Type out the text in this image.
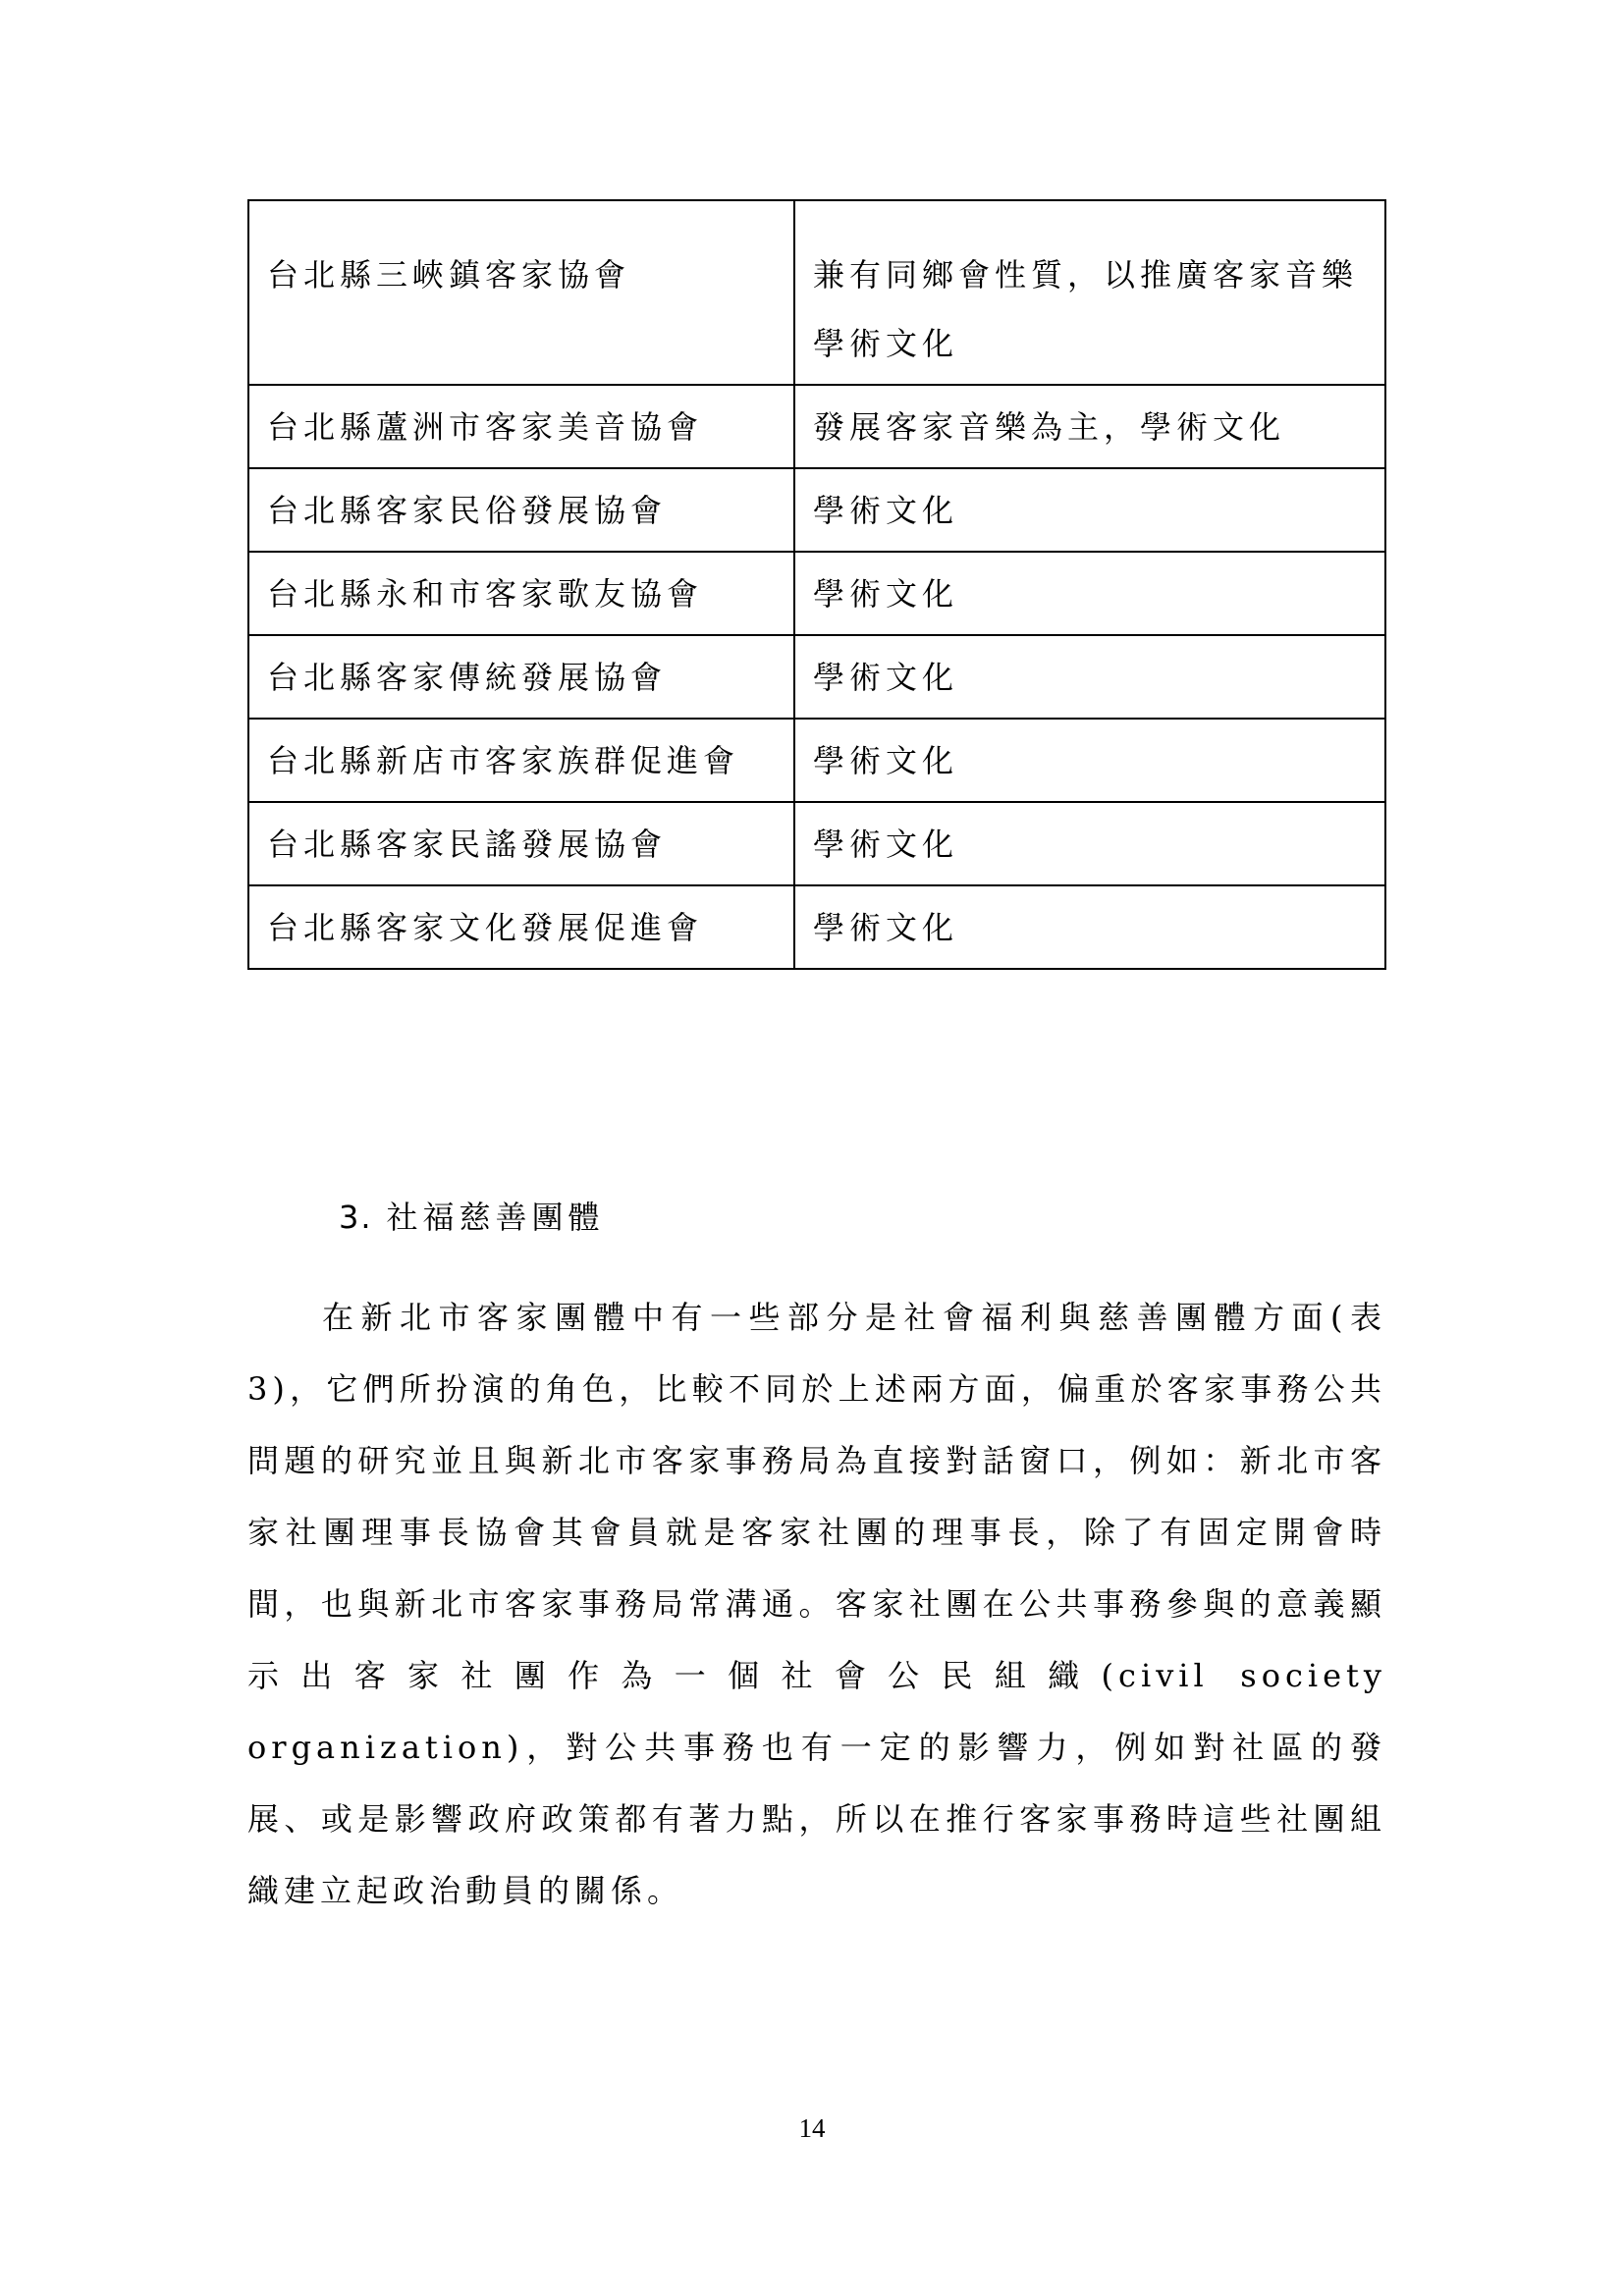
台北縣三峽鎮客家協會	兼有同鄉會性質，以推廣客家音樂學術文化
台北縣蘆洲市客家美音協會	發展客家音樂為主，學術文化
台北縣客家民俗發展協會	學術文化
台北縣永和市客家歌友協會	學術文化
台北縣客家傳統發展協會	學術文化
台北縣新店市客家族群促進會	學術文化
台北縣客家民謠發展協會	學術文化
台北縣客家文化發展促進會	學術文化
3. 社福慈善團體

在新北市客家團體中有一些部分是社會福利與慈善團體方面(表 3)，它們所扮演的角色，比較不同於上述兩方面，偏重於客家事務公共問題的研究並且與新北市客家事務局為直接對話窗口，例如：新北市客家社團理事長協會其會員就是客家社團的理事長，除了有固定開會時間，也與新北市客家事務局常溝通。客家社團在公共事務參與的意義顯示出客家社團作為一個社會公民組織(civil society organization)，對公共事務也有一定的影響力，例如對社區的發展、或是影響政府政策都有著力點，所以在推行客家事務時這些社團組織建立起政治動員的關係。

14
